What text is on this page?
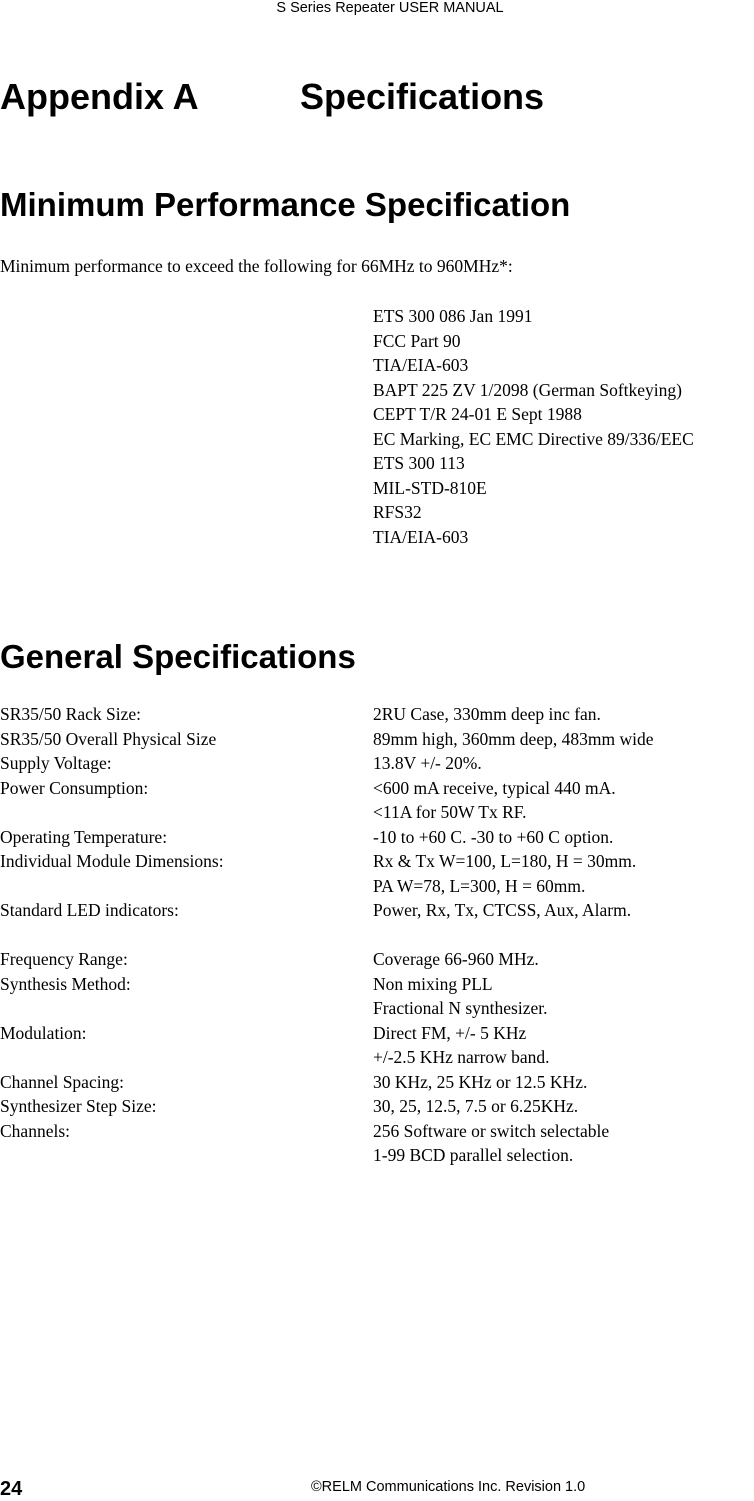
S Series Repeater USER MANUAL
Appendix A	Specifications
Minimum Performance Specification
Minimum performance to exceed the following for 66MHz to 960MHz*:
ETS 300 086 Jan 1991
FCC Part 90
TIA/EIA-603
BAPT 225 ZV 1/2098 (German Softkeying)
CEPT T/R 24-01 E Sept 1988
EC Marking, EC EMC Directive 89/336/EEC
ETS 300 113
MIL-STD-810E
RFS32
TIA/EIA-603
General Specifications
SR35/50 Rack Size:	2RU Case, 330mm deep inc fan.
SR35/50 Overall Physical Size	89mm high, 360mm deep, 483mm wide
Supply Voltage:	13.8V +/- 20%.
Power Consumption:	<600 mA receive, typical 440 mA.
<11A for 50W Tx RF.
Operating Temperature:	-10 to +60 C. -30 to +60 C option.
Individual Module Dimensions:	Rx & Tx W=100, L=180, H = 30mm.
PA W=78, L=300, H = 60mm.
Standard LED indicators:	Power, Rx, Tx, CTCSS, Aux, Alarm.
Frequency Range:	Coverage 66-960 MHz.
Synthesis Method:	Non mixing PLL
Fractional N synthesizer.
Modulation:	Direct FM, +/- 5 KHz
+/-2.5 KHz narrow band.
Channel Spacing:	30 KHz, 25 KHz or 12.5 KHz.
Synthesizer Step Size:	30, 25, 12.5, 7.5 or 6.25KHz.
Channels:	256 Software or switch selectable
1-99 BCD parallel selection.
24	©RELM Communications Inc. Revision 1.0
